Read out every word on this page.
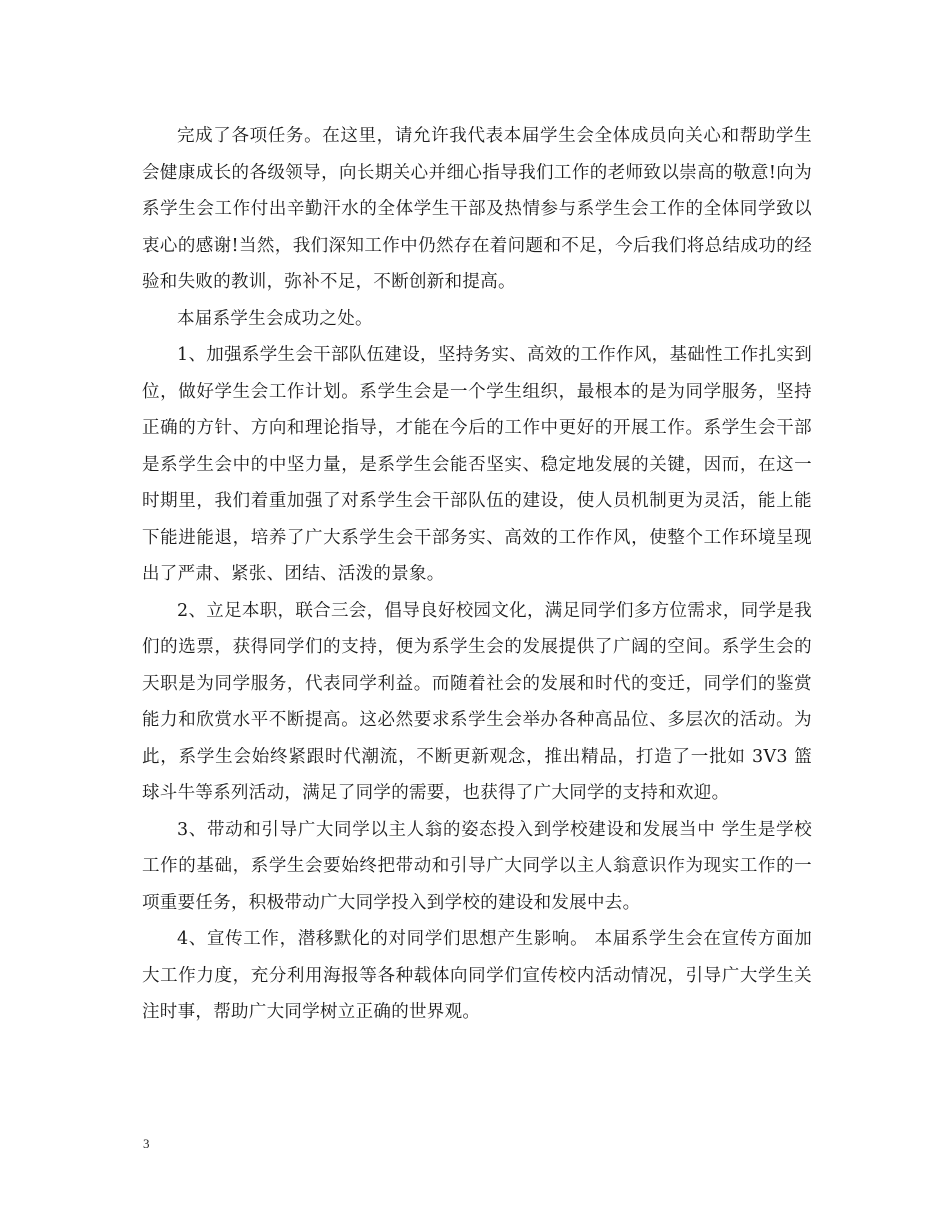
完成了各项任务。在这里，请允许我代表本届学生会全体成员向关心和帮助学生会健康成长的各级领导，向长期关心并细心指导我们工作的老师致以崇高的敬意!向为系学生会工作付出辛勤汗水的全体学生干部及热情参与系学生会工作的全体同学致以衷心的感谢!当然，我们深知工作中仍然存在着问题和不足，今后我们将总结成功的经验和失败的教训，弥补不足，不断创新和提高。

本届系学生会成功之处。

1、加强系学生会干部队伍建设，坚持务实、高效的工作作风，基础性工作扎实到位，做好学生会工作计划。系学生会是一个学生组织，最根本的是为同学服务，坚持正确的方针、方向和理论指导，才能在今后的工作中更好的开展工作。系学生会干部是系学生会中的中坚力量，是系学生会能否坚实、稳定地发展的关键，因而，在这一时期里，我们着重加强了对系学生会干部队伍的建设，使人员机制更为灵活，能上能下能进能退，培养了广大系学生会干部务实、高效的工作作风，使整个工作环境呈现出了严肃、紧张、团结、活泼的景象。

2、立足本职，联合三会，倡导良好校园文化，满足同学们多方位需求，同学是我们的选票，获得同学们的支持，便为系学生会的发展提供了广阔的空间。系学生会的天职是为同学服务，代表同学利益。而随着社会的发展和时代的变迁，同学们的鉴赏能力和欣赏水平不断提高。这必然要求系学生会举办各种高品位、多层次的活动。为此，系学生会始终紧跟时代潮流，不断更新观念，推出精品，打造了一批如 3V3 篮球斗牛等系列活动，满足了同学的需要，也获得了广大同学的支持和欢迎。

3、带动和引导广大同学以主人翁的姿态投入到学校建设和发展当中 学生是学校工作的基础，系学生会要始终把带动和引导广大同学以主人翁意识作为现实工作的一项重要任务，积极带动广大同学投入到学校的建设和发展中去。

4、宣传工作，潜移默化的对同学们思想产生影响。 本届系学生会在宣传方面加大工作力度，充分利用海报等各种载体向同学们宣传校内活动情况，引导广大学生关注时事，帮助广大同学树立正确的世界观。

3
